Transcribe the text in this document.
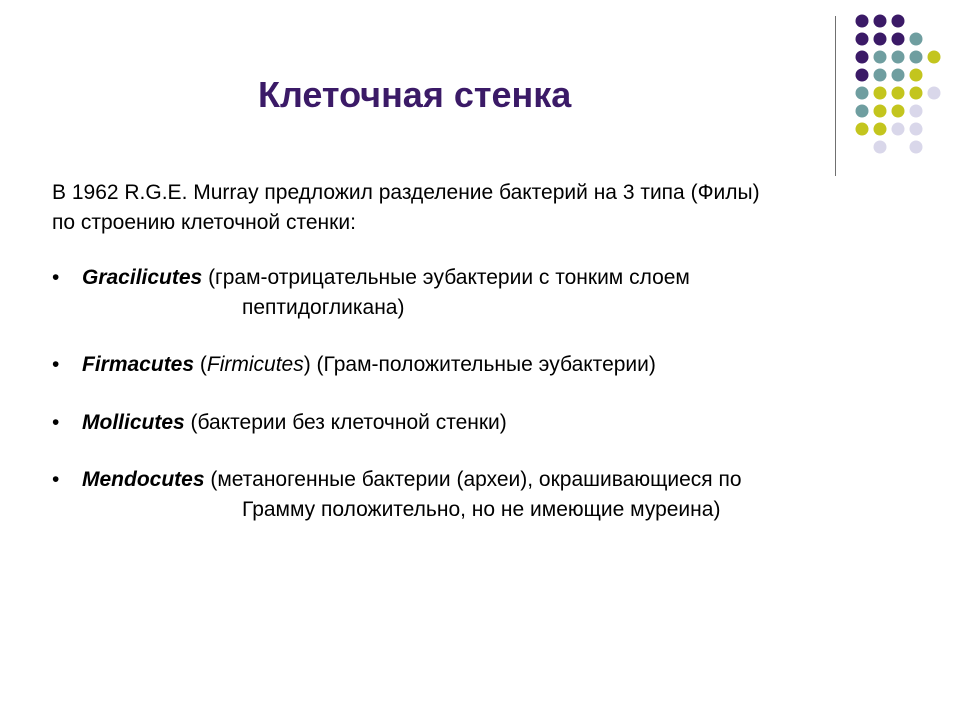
Клеточная стенка
В 1962 R.G.E. Murray предложил разделение бактерий на 3 типа (Филы)
по строению клеточной стенки:
• Gracilicutes (грам-отрицательные эубактерии с тонким слоем
пептидогликана)
• Firmacutes (Firmicutes) (Грам-положительные эубактерии)
• Mollicutes (бактерии без клеточной стенки)
• Mendocutes (метаногенные бактерии (археи), окрашивающиеся по
Грамму положительно, но не имеющие муреина)
